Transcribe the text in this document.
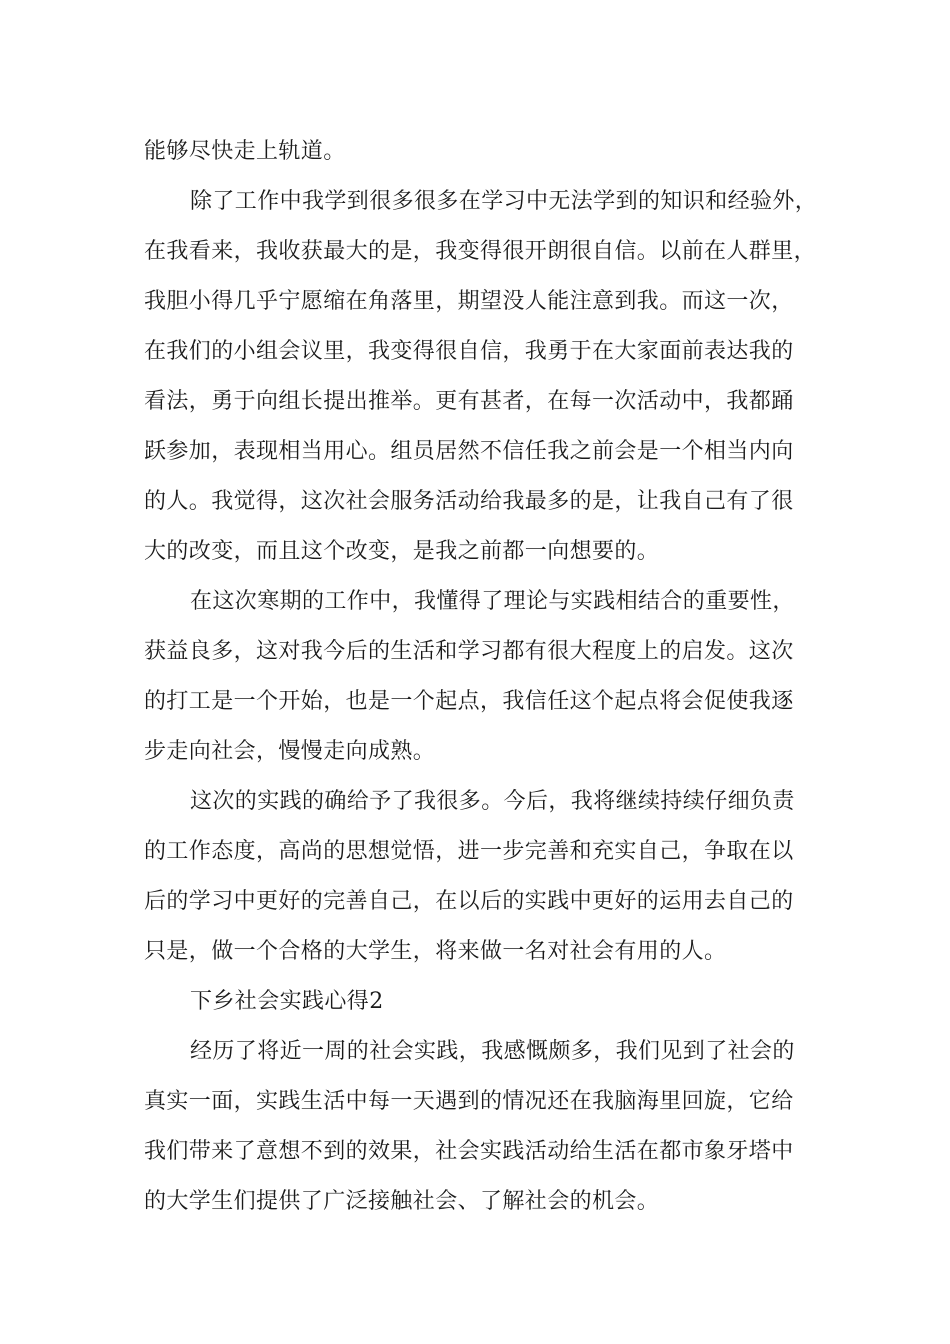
能够尽快走上轨道。
除了工作中我学到很多很多在学习中无法学到的知识和经验外，
在我看来，我收获最大的是，我变得很开朗很自信。以前在人群里，
我胆小得几乎宁愿缩在角落里，期望没人能注意到我。而这一次，
在我们的小组会议里，我变得很自信，我勇于在大家面前表达我的
看法，勇于向组长提出推举。更有甚者，在每一次活动中，我都踊
跃参加，表现相当用心。组员居然不信任我之前会是一个相当内向
的人。我觉得，这次社会服务活动给我最多的是，让我自己有了很
大的改变，而且这个改变，是我之前都一向想要的。
在这次寒期的工作中，我懂得了理论与实践相结合的重要性，
获益良多，这对我今后的生活和学习都有很大程度上的启发。这次
的打工是一个开始，也是一个起点，我信任这个起点将会促使我逐
步走向社会，慢慢走向成熟。
这次的实践的确给予了我很多。今后，我将继续持续仔细负责
的工作态度，高尚的思想觉悟，进一步完善和充实自己，争取在以
后的学习中更好的完善自己，在以后的实践中更好的运用去自己的
只是，做一个合格的大学生，将来做一名对社会有用的人。
下乡社会实践心得2
经历了将近一周的社会实践，我感慨颇多，我们见到了社会的
真实一面，实践生活中每一天遇到的情况还在我脑海里回旋，它给
我们带来了意想不到的效果，社会实践活动给生活在都市象牙塔中
的大学生们提供了广泛接触社会、了解社会的机会。
